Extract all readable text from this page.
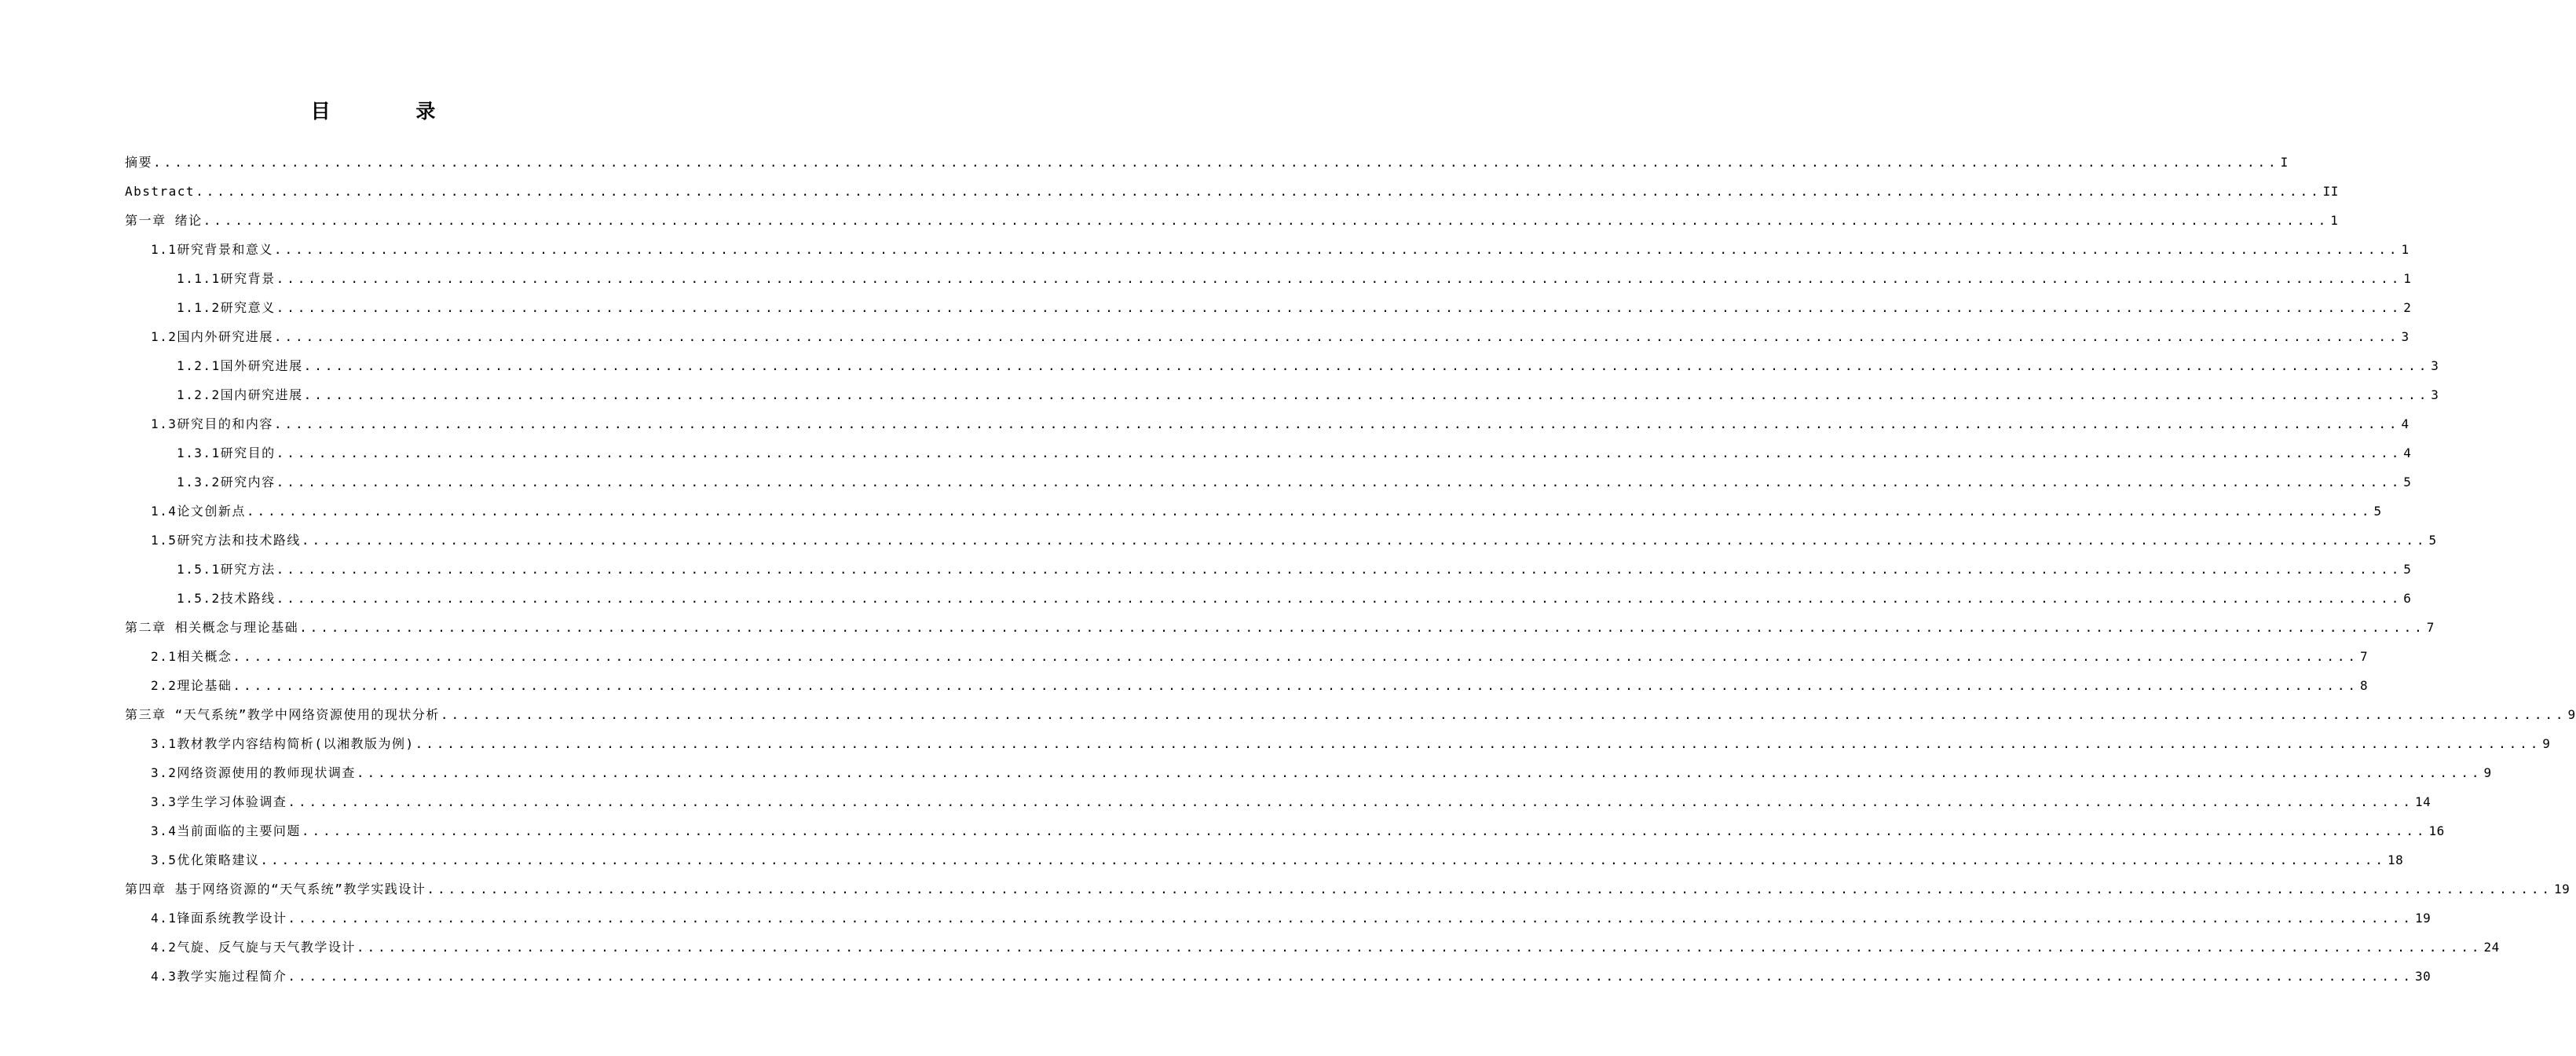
目 录
摘要 ........................................................................................................................................................................................................ I
Abstract ........................................................................................................................................................................................................ II
第一章 绪论 ........................................................................................................................................................................................................ 1
1.1研究背景和意义 ........................................................................................................................................................................................................ 1
1.1.1研究背景 ........................................................................................................................................................................................................ 1
1.1.2研究意义 ........................................................................................................................................................................................................ 2
1.2国内外研究进展 ........................................................................................................................................................................................................ 3
1.2.1国外研究进展 ........................................................................................................................................................................................................ 3
1.2.2国内研究进展 ........................................................................................................................................................................................................ 3
1.3研究目的和内容 ........................................................................................................................................................................................................ 4
1.3.1研究目的 ........................................................................................................................................................................................................ 4
1.3.2研究内容 ........................................................................................................................................................................................................ 5
1.4论文创新点 ........................................................................................................................................................................................................ 5
1.5研究方法和技术路线 ........................................................................................................................................................................................................ 5
1.5.1研究方法 ........................................................................................................................................................................................................ 5
1.5.2技术路线 ........................................................................................................................................................................................................ 6
第二章 相关概念与理论基础 ........................................................................................................................................................................................................ 7
2.1相关概念 ........................................................................................................................................................................................................ 7
2.2理论基础 ........................................................................................................................................................................................................ 8
第三章 “天气系统”教学中网络资源使用的现状分析 ........................................................................................................................................................................................................ 9
3.1教材教学内容结构简析(以湘教版为例) ........................................................................................................................................................................................................ 9
3.2网络资源使用的教师现状调查 ........................................................................................................................................................................................................ 9
3.3学生学习体验调查 ........................................................................................................................................................................................................ 14
3.4当前面临的主要问题 ........................................................................................................................................................................................................ 16
3.5优化策略建议 ........................................................................................................................................................................................................ 18
第四章 基于网络资源的“天气系统”教学实践设计 ........................................................................................................................................................................................................ 19
4.1锋面系统教学设计 ........................................................................................................................................................................................................ 19
4.2气旋、反气旋与天气教学设计 ........................................................................................................................................................................................................ 24
4.3教学实施过程简介 ........................................................................................................................................................................................................ 30
